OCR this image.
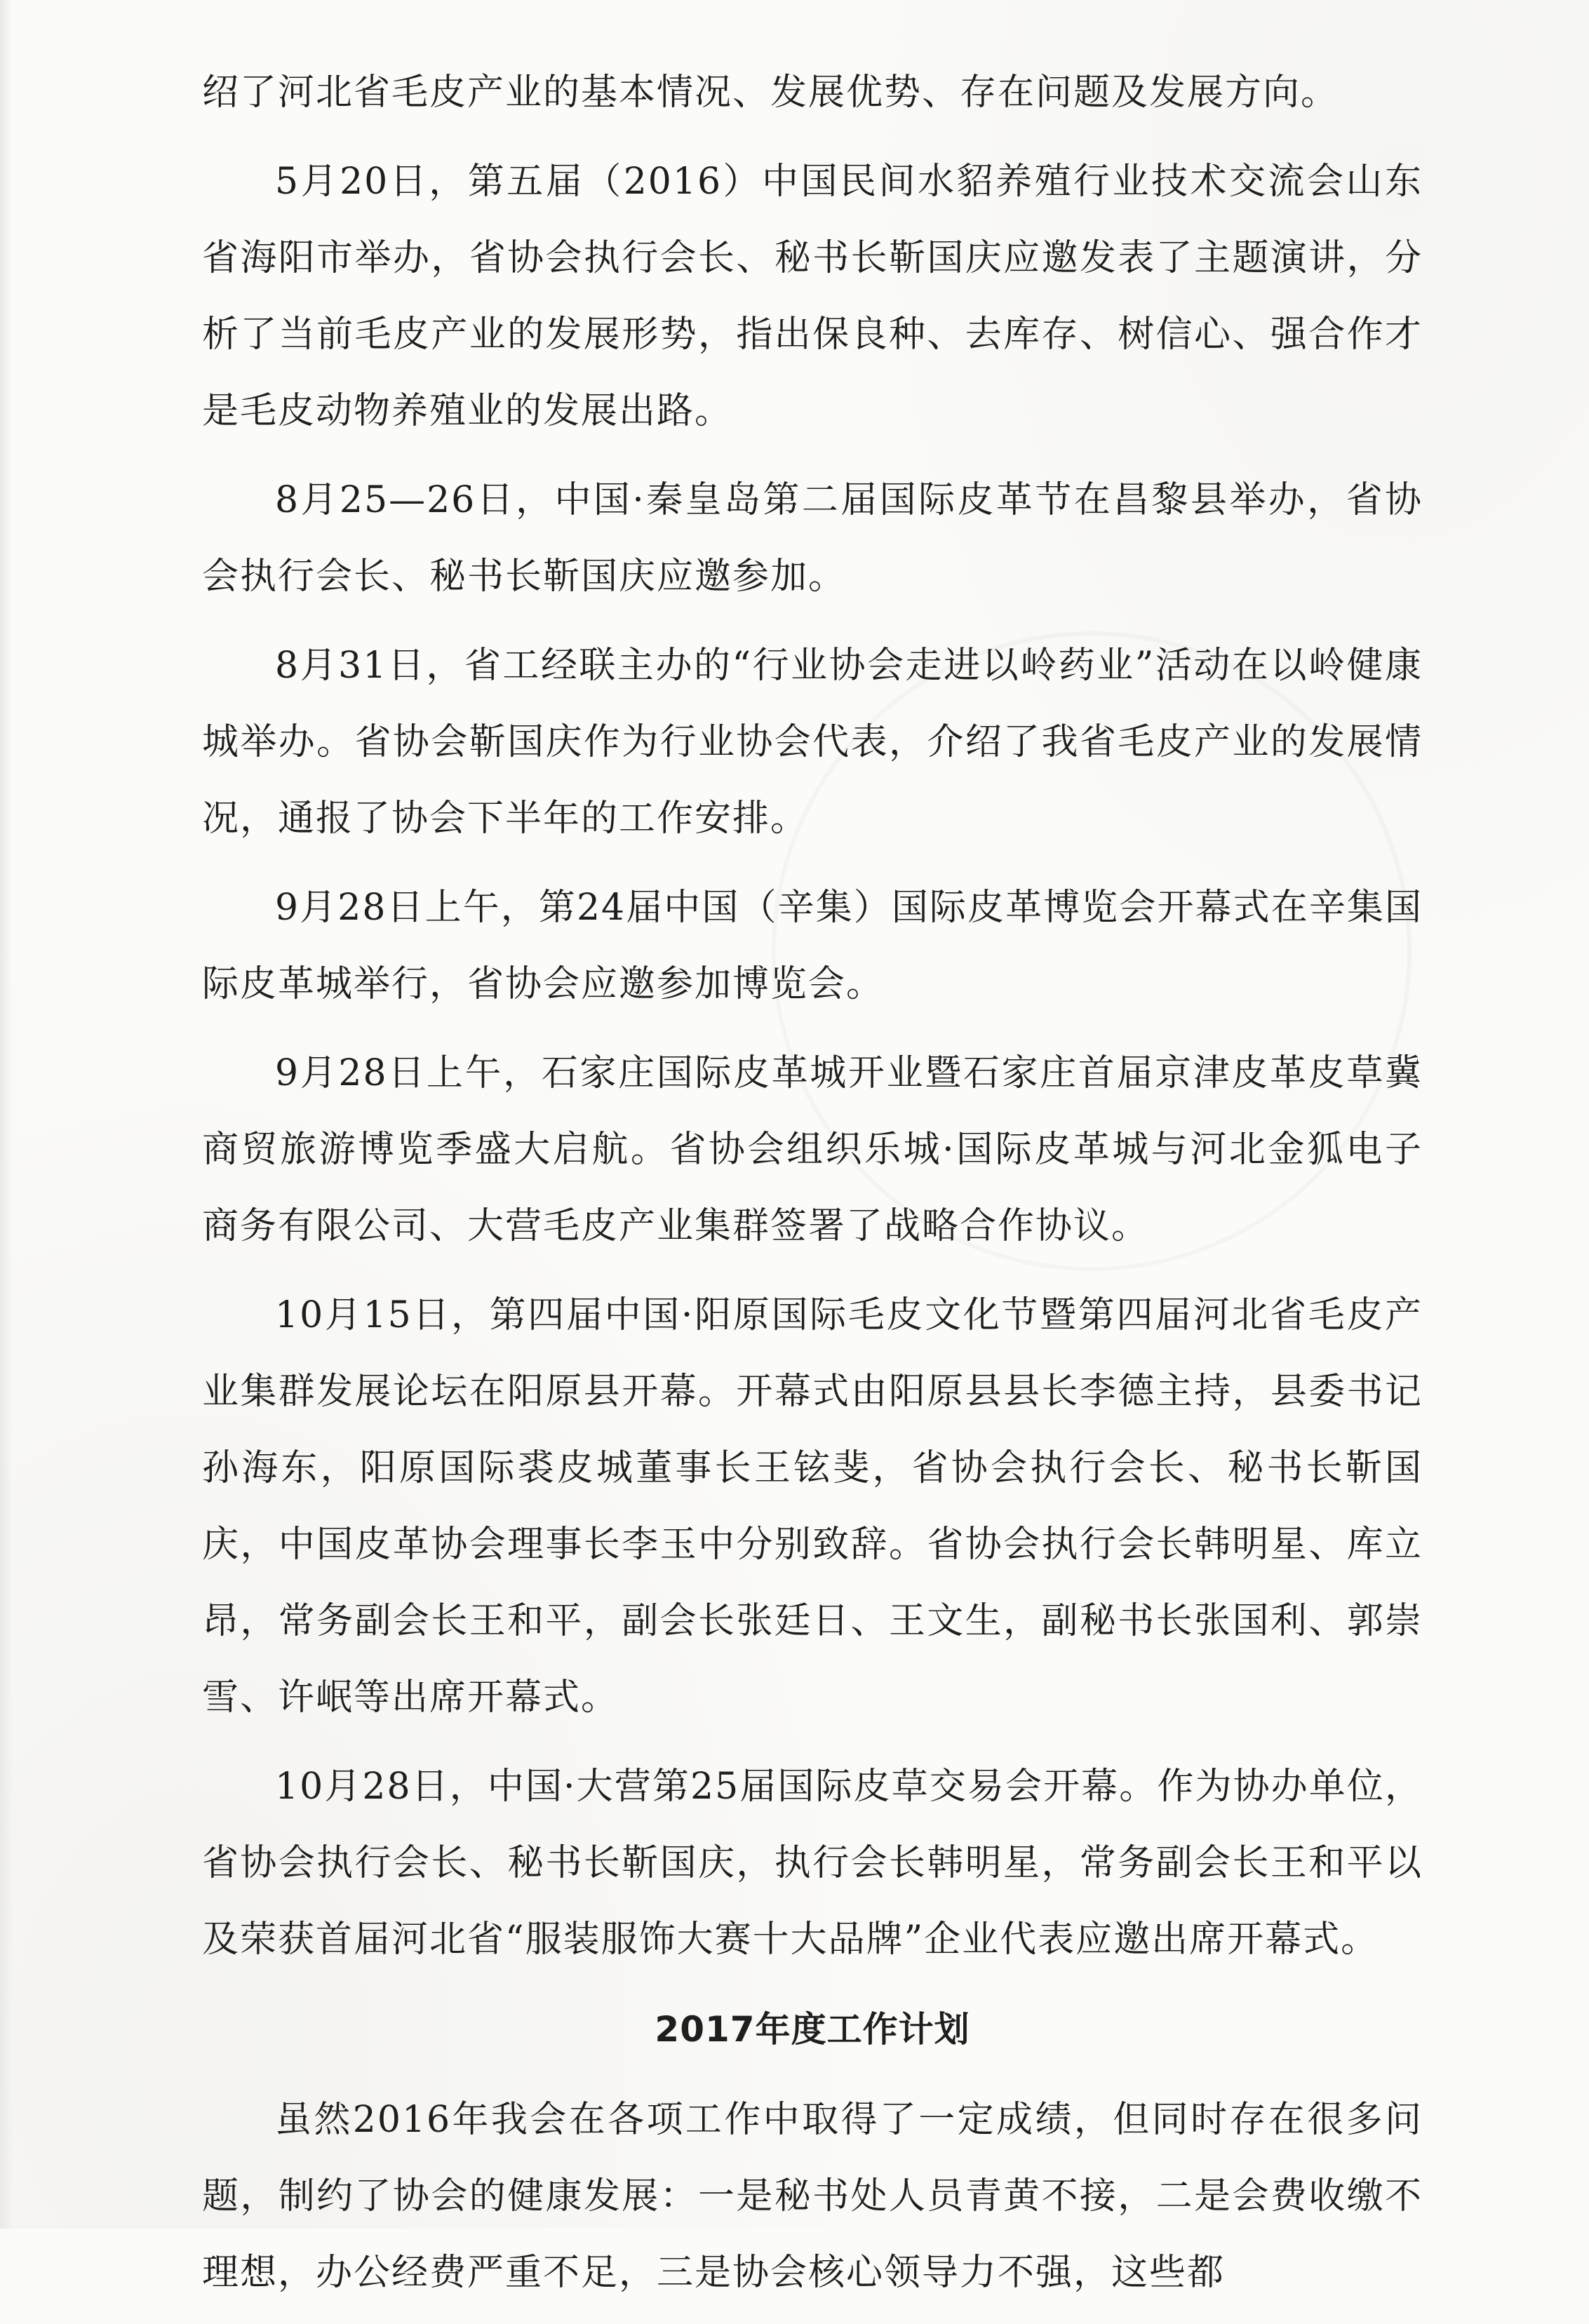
绍了河北省毛皮产业的基本情况、发展优势、存在问题及发展方向。

5月20日，第五届（2016）中国民间水貂养殖行业技术交流会山东省海阳市举办，省协会执行会长、秘书长靳国庆应邀发表了主题演讲，分析了当前毛皮产业的发展形势，指出保良种、去库存、树信心、强合作才是毛皮动物养殖业的发展出路。

8月25—26日，中国·秦皇岛第二届国际皮革节在昌黎县举办，省协会执行会长、秘书长靳国庆应邀参加。

8月31日，省工经联主办的“行业协会走进以岭药业”活动在以岭健康城举办。省协会靳国庆作为行业协会代表，介绍了我省毛皮产业的发展情况，通报了协会下半年的工作安排。

9月28日上午，第24届中国（辛集）国际皮革博览会开幕式在辛集国际皮革城举行，省协会应邀参加博览会。

9月28日上午，石家庄国际皮革城开业暨石家庄首届京津皮革皮草冀商贸旅游博览季盛大启航。省协会组织乐城·国际皮革城与河北金狐电子商务有限公司、大营毛皮产业集群签署了战略合作协议。

10月15日，第四届中国·阳原国际毛皮文化节暨第四届河北省毛皮产业集群发展论坛在阳原县开幕。开幕式由阳原县县长李德主持，县委书记孙海东，阳原国际裘皮城董事长王铉斐，省协会执行会长、秘书长靳国庆，中国皮革协会理事长李玉中分别致辞。省协会执行会长韩明星、库立昂，常务副会长王和平，副会长张廷日、王文生，副秘书长张国利、郭崇雪、许岷等出席开幕式。

10月28日，中国·大营第25届国际皮草交易会开幕。作为协办单位，省协会执行会长、秘书长靳国庆，执行会长韩明星，常务副会长王和平以及荣获首届河北省“服装服饰大赛十大品牌”企业代表应邀出席开幕式。

2017年度工作计划

虽然2016年我会在各项工作中取得了一定成绩，但同时存在很多问题，制约了协会的健康发展：一是秘书处人员青黄不接，二是会费收缴不理想，办公经费严重不足，三是协会核心领导力不强，这些都
